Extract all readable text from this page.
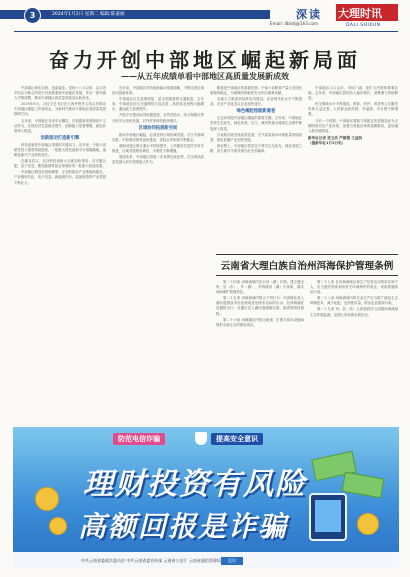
3	2024年1月2日 星期二 编辑:陈嘉丽
Email: dbsdj@163.com
深读 大理时讯
DALI SHIXUN
奋力开创中部地区崛起新局面
——从五年成绩单看中部地区高质量发展新成效

中部地区承东启西、连南接北。党的十八大以来，以习近平同志为核心的党中央高度重视中部地区发展，作出一系列重大决策部署，推动中部地区高质量发展迈出新步伐。

2019年5月，习近平总书记在江西考察并主持召开推动中部地区崛起工作座谈会，为新时代推动中部地区高质量发展指明方向。

五年来，中部地区各省牢记嘱托，在构建新发展格局中主动作为，实现经济总量稳步提升、创新能力显著增强、绿色转型深入推进。

创新驱动打造新引擎

科技创新是中部地区发展的关键动力。近年来，中部六省研发投入强度持续提高，一批重大科技创新平台相继落地，战略性新兴产业加快成长。

在湖北武汉，光谷科技创新大走廊加快建设；在安徽合肥，量子信息、聚变能源等前沿领域取得一批重大原创成果。

中部地区制造业基础雄厚，正加快推动产业基础高级化、产业链现代化，电子信息、新能源汽车、装备制造等产业集群不断壮大。

近年来，中部地区坚持创新驱动发展战略，不断完善区域协同创新体系。

中部地区区位优势明显，是全国重要的交通枢纽。五年来，中部地区综合交通网络日趋完善，高铁营业里程大幅增长，通达能力显著提升。

开放平台建设取得积极进展，自贸试验区、综合保税区等开放平台加快发展，对外贸易保持较快增长。

区域协同拓展新空间

推动中部地区崛起，必须坚持区域协调发展。长江中游城市群、中原城市群等加快建设，省际合作机制不断健全。

基础设施互联互通水平持续提升，公共服务共建共享有序推进，区域发展的协调性、平衡性不断增强。

展望未来，中部地区将进一步发挥比较优势，在全国高质量发展大局中展现更大作为。

粮食是中部地区的重要优势。中部六省粮食产量占全国比重保持稳定，为保障国家粮食安全作出重要贡献。

各地大力推进高标准农田建设，农业现代化水平不断提高，农业产业化龙头企业加快成长。

绿色崛起绘就新画卷

生态环境是中部地区崛起的重要支撑。五年来，中部地区坚持生态优先、绿色发展，长江、黄河等重点流域生态保护修复深入推进。

污染防治攻坚战成效显著，空气质量和水环境质量持续改善，绿色低碳产业加快发展。

新征程上，中部地区将坚定不移走生态优先、绿色发展之路，奋力谱写中国式现代化中部篇章。

中部地区人口众多、市场广阔，是扩大内需的重要区域。五年来，中部地区居民收入稳步增长，消费潜力持续释放。

民生保障水平不断提高，教育、医疗、养老等公共服务体系日益完善，人民群众获得感、幸福感、安全感不断增强。

今后一个时期，中部地区要着力构建以先进制造业为支撑的现代化产业体系，加强与其他区域的战略联动，更好融入新发展格局。

新华社记者 张玉洁 严赋憬 王益凯
（据新华社1月2日电）

云南省大理白族自治州洱海保护管理条例

第二十四条 洱海流域内实行河（湖）长制，建立健全州、县（市）、乡（镇）、村四级河（湖）长体系，落实洱海保护管理责任。

第二十五条 洱海流域内禁止下列行为：向洱海及其入湖河道排放未经处理或者处理未达标的污水；在洱海湖区设置排污口；在湖区及入湖河道倾倒垃圾、废渣等固体废物。

第二十六条 洱海湖区内禁止新建、扩建与供水设施和保护水源无关的建设项目。

第二十七条 在洱海流域从事生产经营活动的单位和个人，应当遵守国家和省有关环境保护的规定，采取措施防治污染。

第二十八条 洱海流域内的农业生产应当推广绿色生态种植技术，减少化肥、农药使用量，防治农业面源污染。

第二十九条 州、县（市）人民政府应当加强洱海流域生态环境监测，定期公布洱海水质状况。

防范电信诈骗	提高安全意识
理财投资有风险
高额回报是诈骗
中共云南省委政法委员会 中共云南省委宣传部 云南省公安厅 云南省通信管理局	反诈
